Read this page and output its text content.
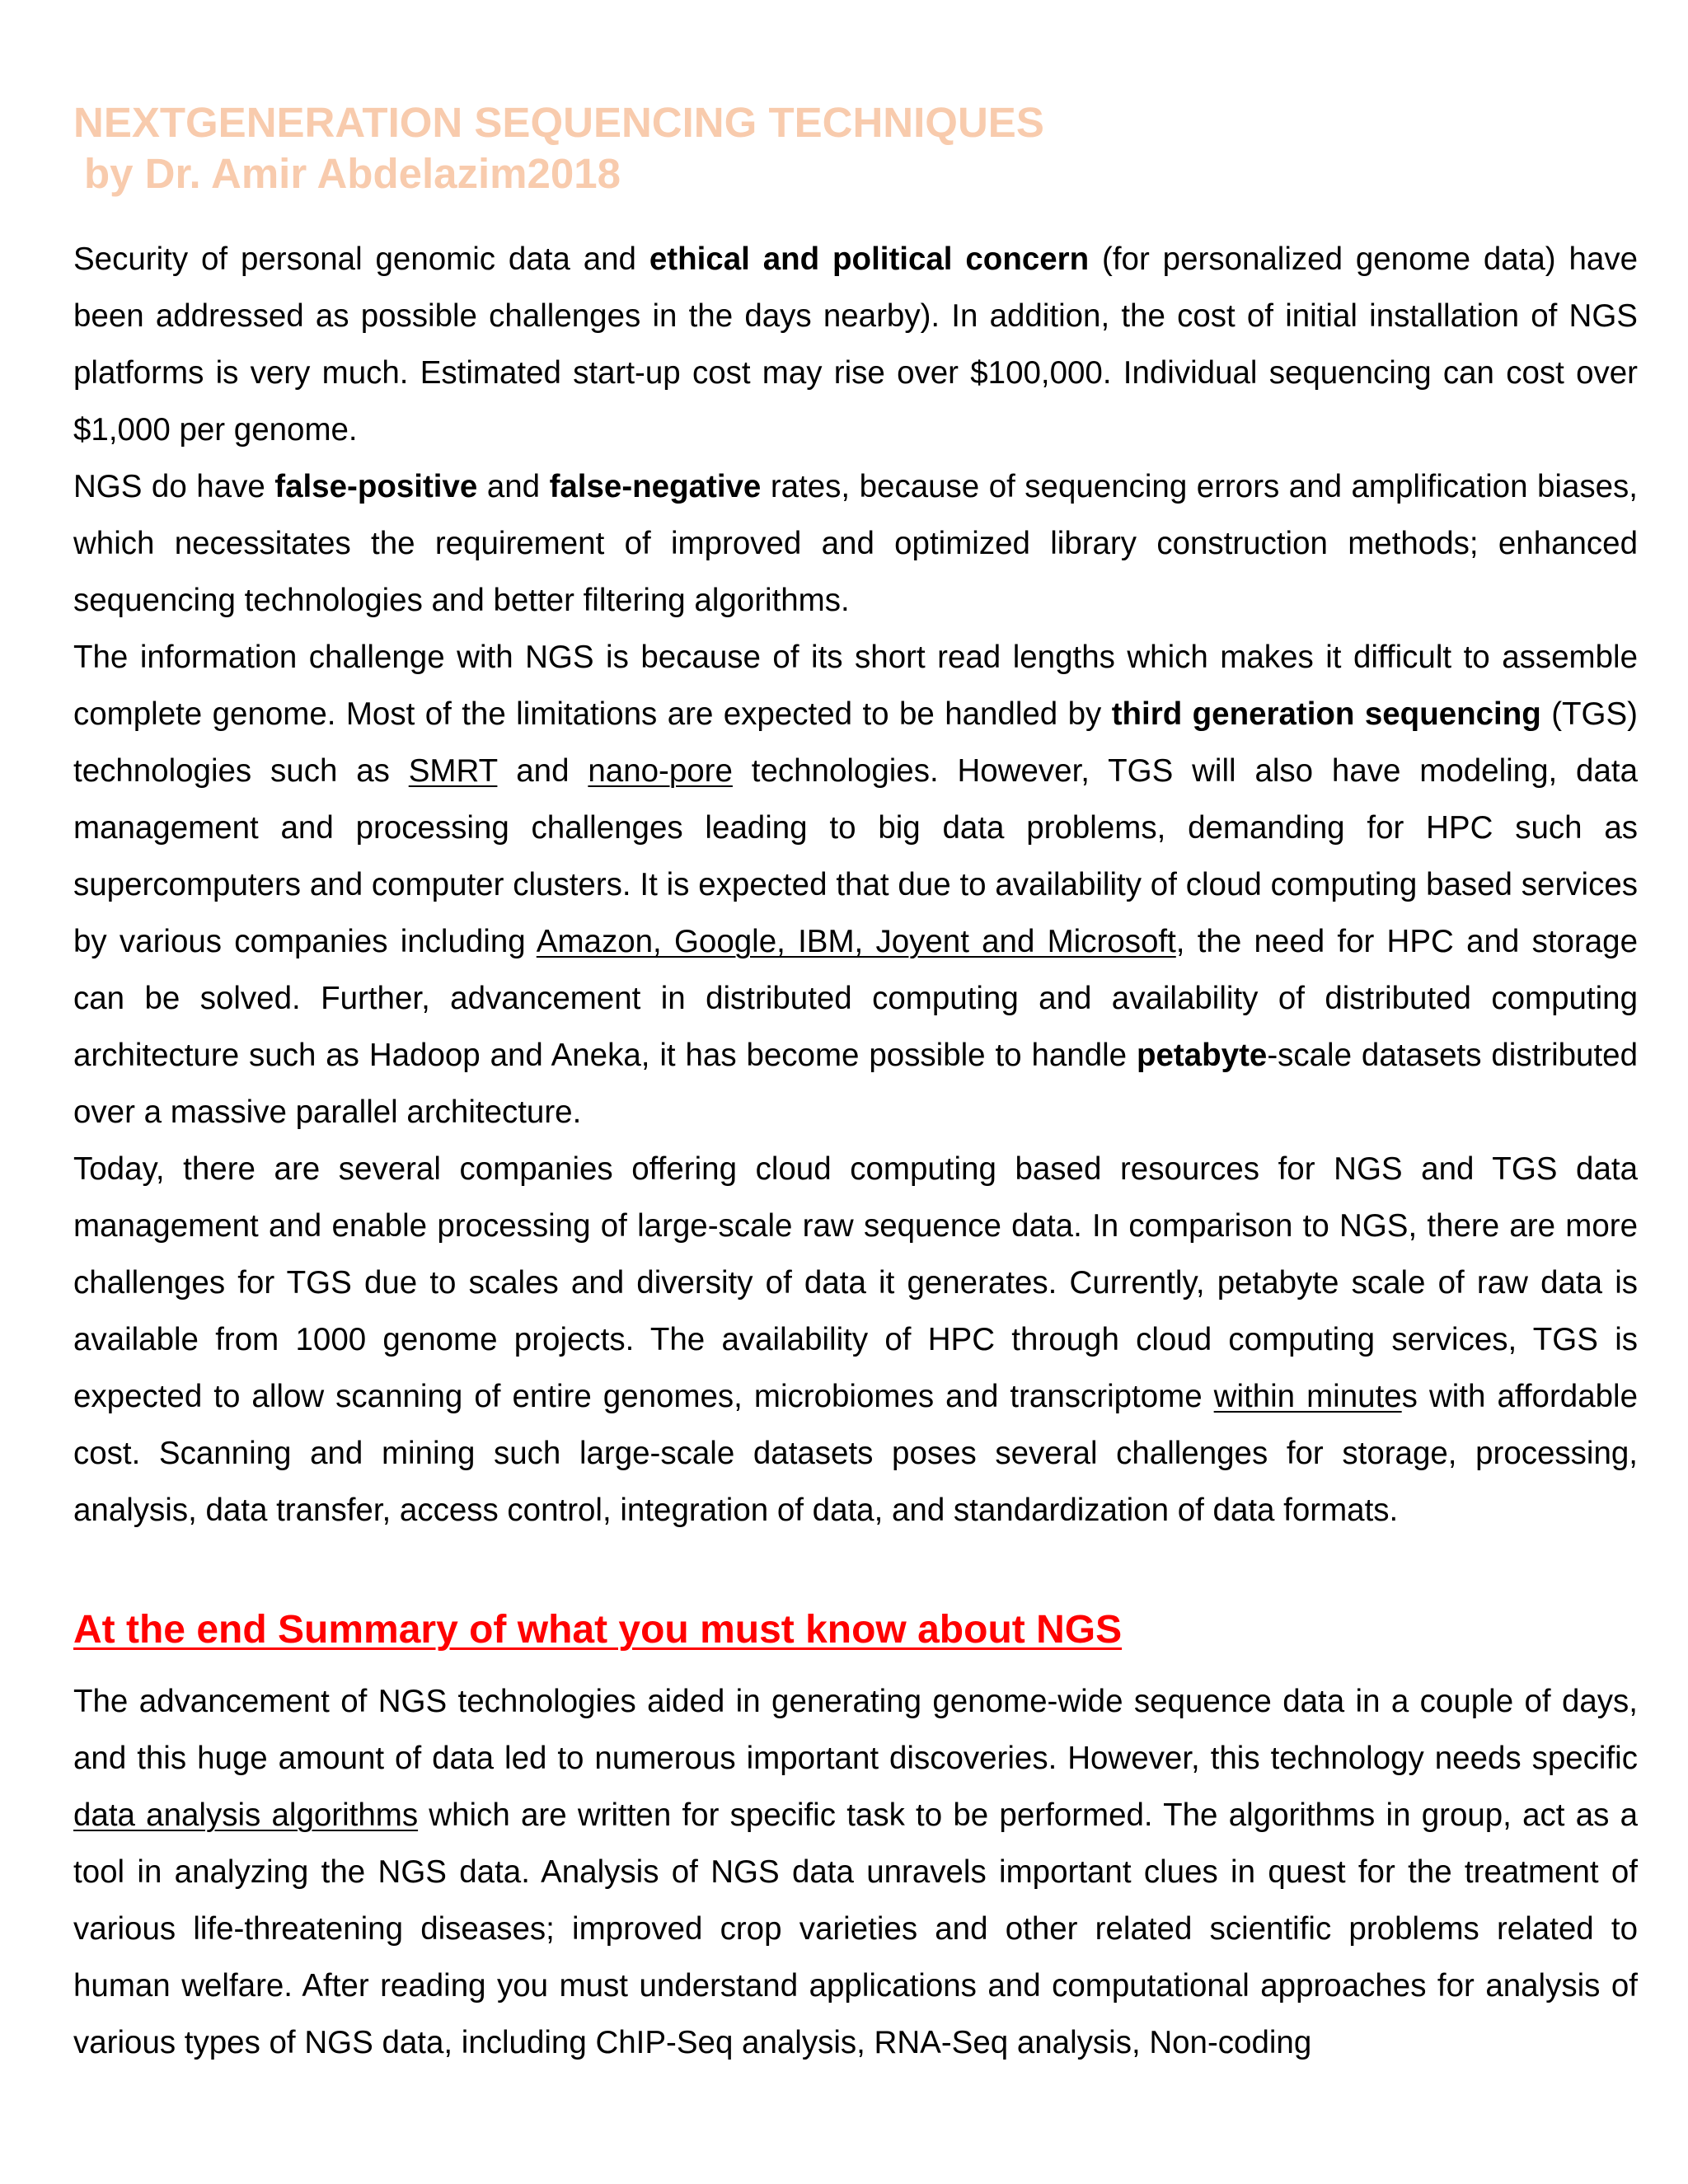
NEXTGENERATION SEQUENCING TECHNIQUES
by Dr. Amir Abdelazim2018

Security of personal genomic data and ethical and political concern (for personalized genome data) have been addressed as possible challenges in the days nearby). In addition, the cost of initial installation of NGS platforms is very much. Estimated start-up cost may rise over $100,000. Individual sequencing can cost over $1,000 per genome.

NGS do have false-positive and false-negative rates, because of sequencing errors and amplification biases, which necessitates the requirement of improved and optimized library construction methods; enhanced sequencing technologies and better filtering algorithms.

The information challenge with NGS is because of its short read lengths which makes it difficult to assemble complete genome. Most of the limitations are expected to be handled by third generation sequencing (TGS) technologies such as SMRT and nano-pore technologies. However, TGS will also have modeling, data management and processing challenges leading to big data problems, demanding for HPC such as supercomputers and computer clusters. It is expected that due to availability of cloud computing based services by various companies including Amazon, Google, IBM, Joyent and Microsoft, the need for HPC and storage can be solved. Further, advancement in distributed computing and availability of distributed computing architecture such as Hadoop and Aneka, it has become possible to handle petabyte-scale datasets distributed over a massive parallel architecture.

Today, there are several companies offering cloud computing based resources for NGS and TGS data management and enable processing of large-scale raw sequence data. In comparison to NGS, there are more challenges for TGS due to scales and diversity of data it generates. Currently, petabyte scale of raw data is available from 1000 genome projects. The availability of HPC through cloud computing services, TGS is expected to allow scanning of entire genomes, microbiomes and transcriptome within minutes with affordable cost. Scanning and mining such large-scale datasets poses several challenges for storage, processing, analysis, data transfer, access control, integration of data, and standardization of data formats.

At the end Summary of what you must know about NGS

The advancement of NGS technologies aided in generating genome-wide sequence data in a couple of days, and this huge amount of data led to numerous important discoveries. However, this technology needs specific data analysis algorithms which are written for specific task to be performed. The algorithms in group, act as a tool in analyzing the NGS data. Analysis of NGS data unravels important clues in quest for the treatment of various life-threatening diseases; improved crop varieties and other related scientific problems related to human welfare. After reading you must understand applications and computational approaches for analysis of various types of NGS data, including ChIP-Seq analysis, RNA-Seq analysis, Non-coding
